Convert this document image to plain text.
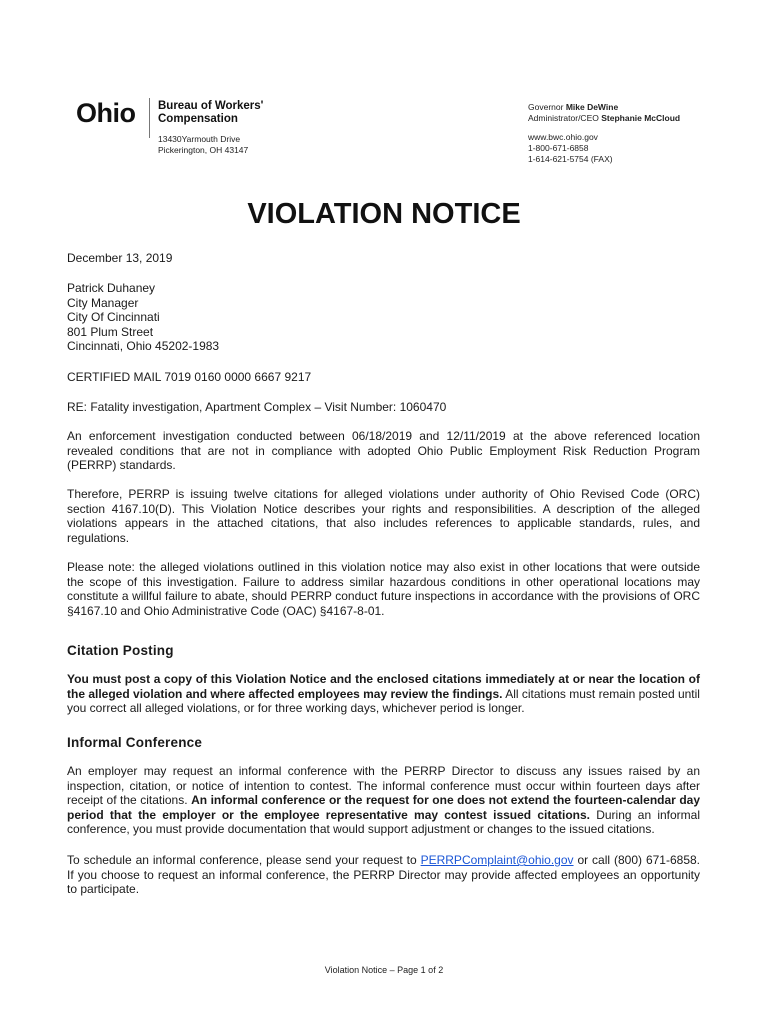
Ohio Bureau of Workers'
Compensation
13430Yarmouth Drive
Pickerington, OH 43147
Governor Mike DeWine
Administrator/CEO Stephanie McCloud
www.bwc.ohio.gov
1-800-671-6858
1-614-621-5754 (FAX)
VIOLATION NOTICE
December 13, 2019
Patrick Duhaney
City Manager
City Of Cincinnati
801 Plum Street
Cincinnati, Ohio 45202-1983
CERTIFIED MAIL 7019 0160 0000 6667 9217
RE: Fatality investigation, Apartment Complex – Visit Number: 1060470
An enforcement investigation conducted between 06/18/2019 and 12/11/2019 at the above referenced location revealed conditions that are not in compliance with adopted Ohio Public Employment Risk Reduction Program (PERRP) standards.
Therefore, PERRP is issuing twelve citations for alleged violations under authority of Ohio Revised Code (ORC) section 4167.10(D). This Violation Notice describes your rights and responsibilities. A description of the alleged violations appears in the attached citations, that also includes references to applicable standards, rules, and regulations.
Please note: the alleged violations outlined in this violation notice may also exist in other locations that were outside the scope of this investigation. Failure to address similar hazardous conditions in other operational locations may constitute a willful failure to abate, should PERRP conduct future inspections in accordance with the provisions of ORC §4167.10 and Ohio Administrative Code (OAC) §4167-8-01.
Citation Posting
You must post a copy of this Violation Notice and the enclosed citations immediately at or near the location of the alleged violation and where affected employees may review the findings. All citations must remain posted until you correct all alleged violations, or for three working days, whichever period is longer.
Informal Conference
An employer may request an informal conference with the PERRP Director to discuss any issues raised by an inspection, citation, or notice of intention to contest. The informal conference must occur within fourteen days after receipt of the citations. An informal conference or the request for one does not extend the fourteen-calendar day period that the employer or the employee representative may contest issued citations. During an informal conference, you must provide documentation that would support adjustment or changes to the issued citations.
To schedule an informal conference, please send your request to PERRPComplaint@ohio.gov or call (800) 671-6858. If you choose to request an informal conference, the PERRP Director may provide affected employees an opportunity to participate.
Violation Notice – Page 1 of 2
